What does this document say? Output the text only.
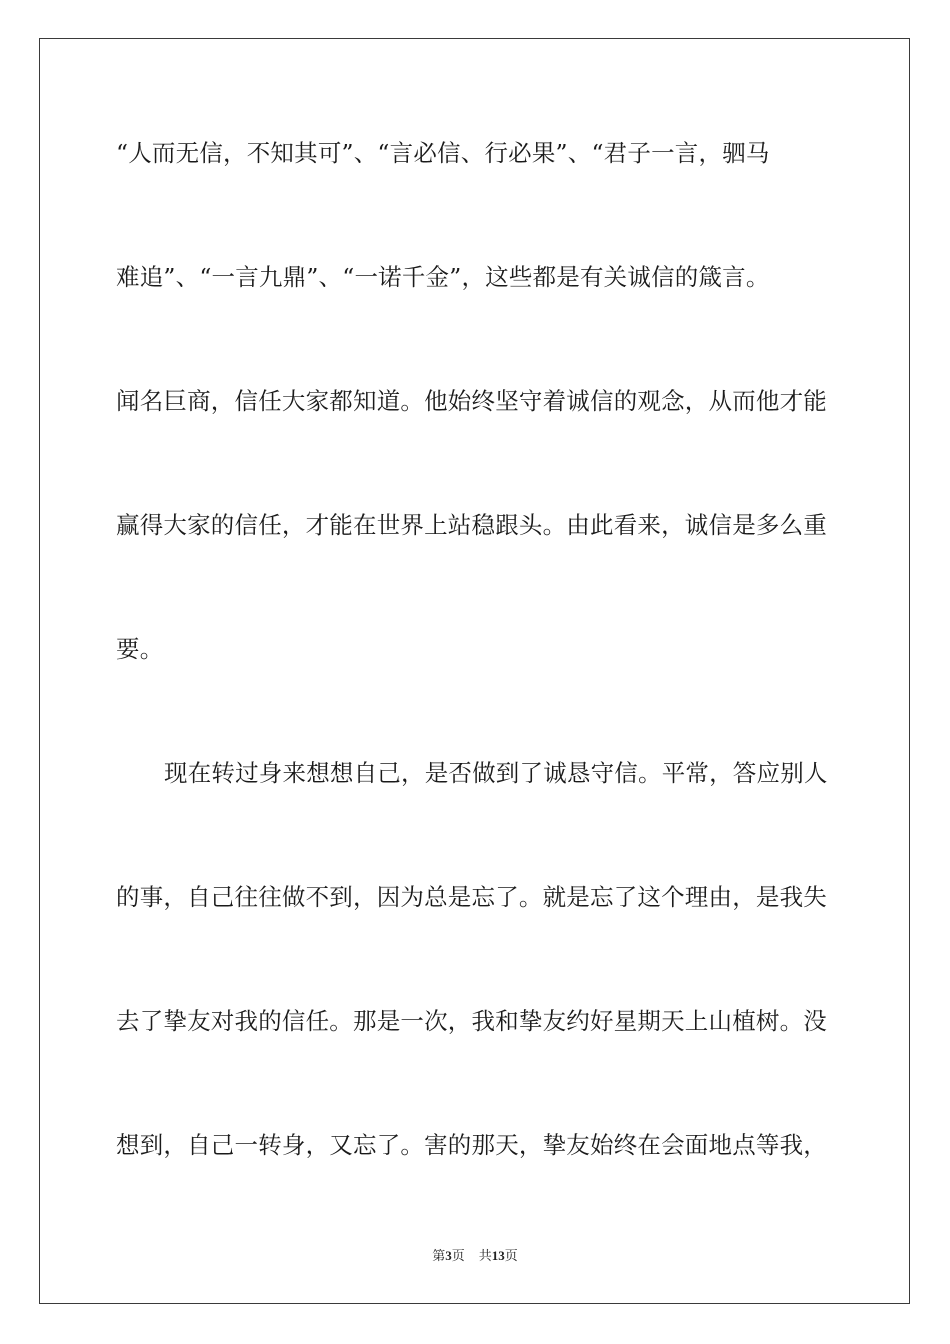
“人而无信，不知其可”、“言必信、行必果”、“君子一言，驷马
难追”、“一言九鼎”、“一诺千金”，这些都是有关诚信的箴言。
闻名巨商，信任大家都知道。他始终坚守着诚信的观念，从而他才能
赢得大家的信任，才能在世界上站稳跟头。由此看来，诚信是多么重
要。
现在转过身来想想自己，是否做到了诚恳守信。平常，答应别人
的事，自己往往做不到，因为总是忘了。就是忘了这个理由，是我失
去了挚友对我的信任。那是一次，我和挚友约好星期天上山植树。没
想到，自己一转身，又忘了。害的那天，挚友始终在会面地点等我，
第3页 共13页
